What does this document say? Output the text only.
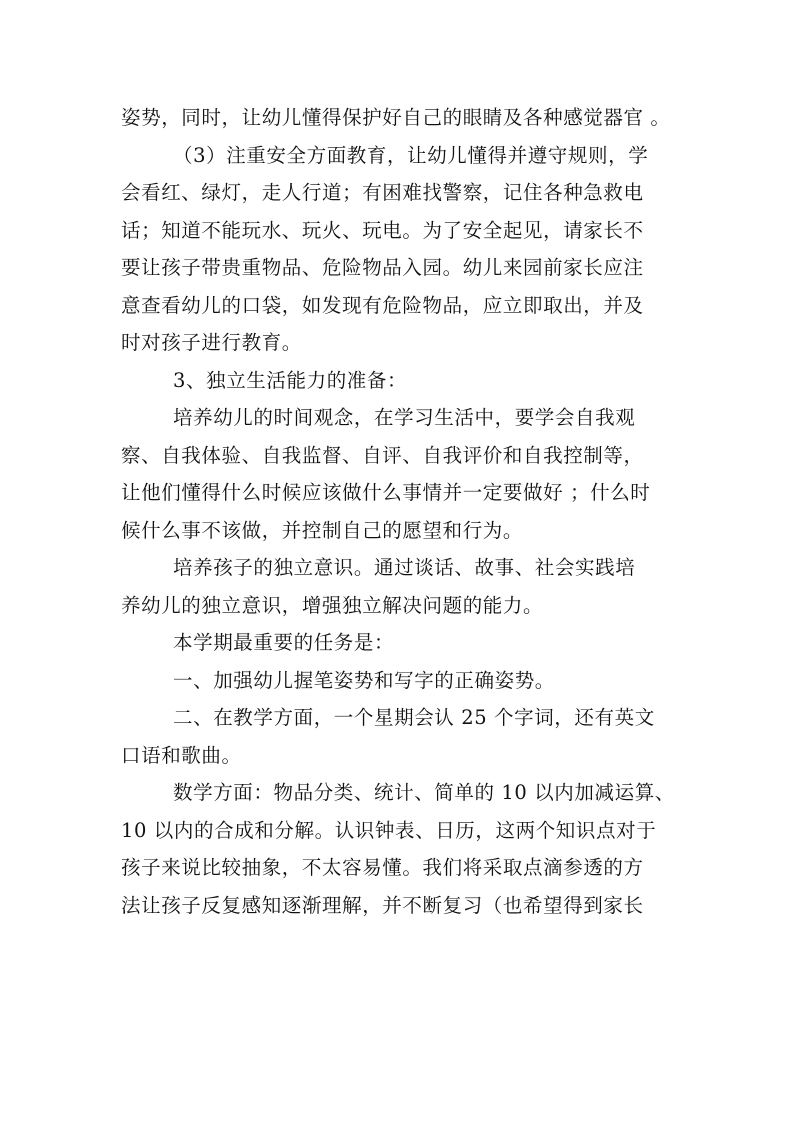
姿势，同时，让幼儿懂得保护好自己的眼睛及各种感觉器官 。
（3）注重安全方面教育，让幼儿懂得并遵守规则，学
会看红、绿灯，走人行道；有困难找警察，记住各种急救电
话；知道不能玩水、玩火、玩电。为了安全起见，请家长不
要让孩子带贵重物品、危险物品入园。幼儿来园前家长应注
意查看幼儿的口袋，如发现有危险物品，应立即取出，并及
时对孩子进行教育。
3、独立生活能力的准备：
培养幼儿的时间观念，在学习生活中，要学会自我观
察、自我体验、自我监督、自评、自我评价和自我控制等，
让他们懂得什么时候应该做什么事情并一定要做好 ；什么时
候什么事不该做，并控制自己的愿望和行为。
培养孩子的独立意识。通过谈话、故事、社会实践培
养幼儿的独立意识，增强独立解决问题的能力。
本学期最重要的任务是：
一、加强幼儿握笔姿势和写字的正确姿势。
二、在教学方面，一个星期会认 25 个字词，还有英文
口语和歌曲。
数学方面：物品分类、统计、简单的 10 以内加减运算、
10 以内的合成和分解。认识钟表、日历，这两个知识点对于
孩子来说比较抽象，不太容易懂。我们将采取点滴参透的方
法让孩子反复感知逐渐理解，并不断复习（也希望得到家长
